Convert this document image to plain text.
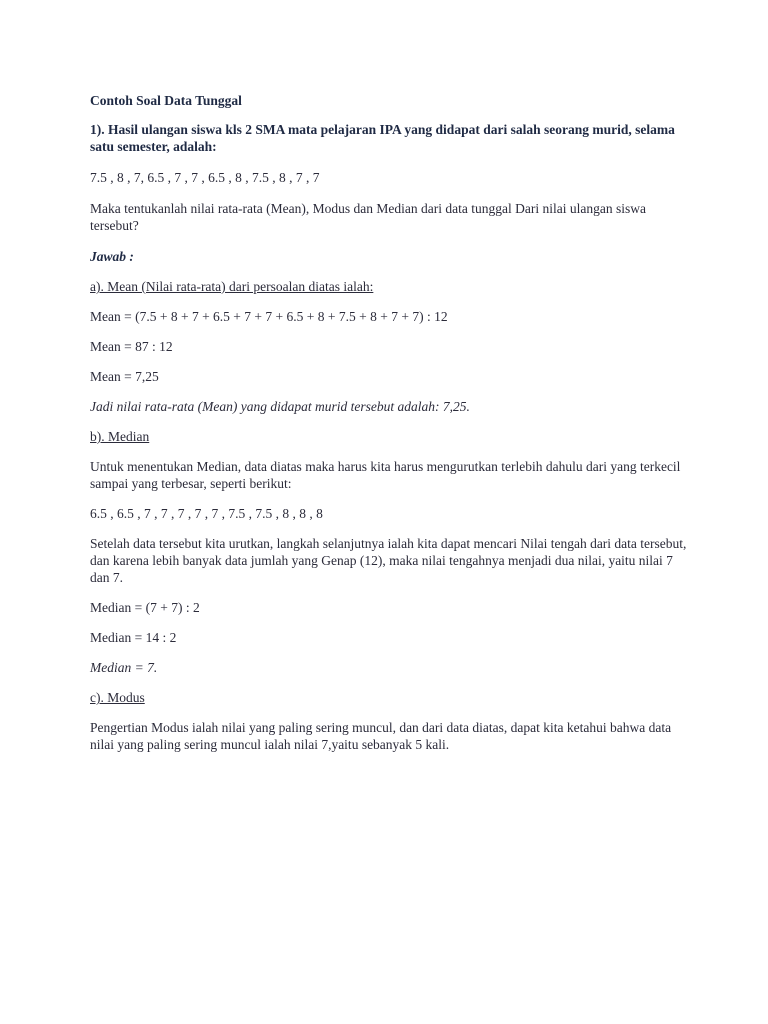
Contoh Soal Data Tunggal

1). Hasil ulangan siswa kls 2 SMA mata pelajaran IPA yang didapat dari salah seorang murid, selama satu semester, adalah:

7.5 , 8 , 7, 6.5 , 7 , 7 , 6.5 , 8 , 7.5 , 8 , 7 , 7

Maka tentukanlah nilai rata-rata (Mean), Modus dan Median dari data tunggal Dari nilai ulangan siswa tersebut?

Jawab :

a). Mean (Nilai rata-rata) dari persoalan diatas ialah:

Mean = (7.5 + 8 + 7 + 6.5 + 7 + 7 + 6.5 + 8 + 7.5 + 8 + 7 + 7) : 12

Mean = 87 : 12

Mean = 7,25

Jadi nilai rata-rata (Mean) yang didapat murid tersebut adalah: 7,25.

b). Median

Untuk menentukan Median, data diatas maka harus kita harus mengurutkan terlebih dahulu dari yang terkecil sampai yang terbesar, seperti berikut:

6.5 , 6.5 , 7 , 7 , 7 , 7 , 7 , 7.5 , 7.5 , 8 , 8 , 8

Setelah data tersebut kita urutkan, langkah selanjutnya ialah kita dapat mencari Nilai tengah dari data tersebut, dan karena lebih banyak data jumlah yang Genap (12), maka nilai tengahnya menjadi dua nilai, yaitu nilai 7 dan 7.

Median = (7 + 7) : 2

Median = 14 : 2

Median = 7.

c). Modus

Pengertian Modus ialah nilai yang paling sering muncul, dan dari data diatas, dapat kita ketahui bahwa data nilai yang paling sering muncul ialah nilai 7,yaitu sebanyak 5 kali.
